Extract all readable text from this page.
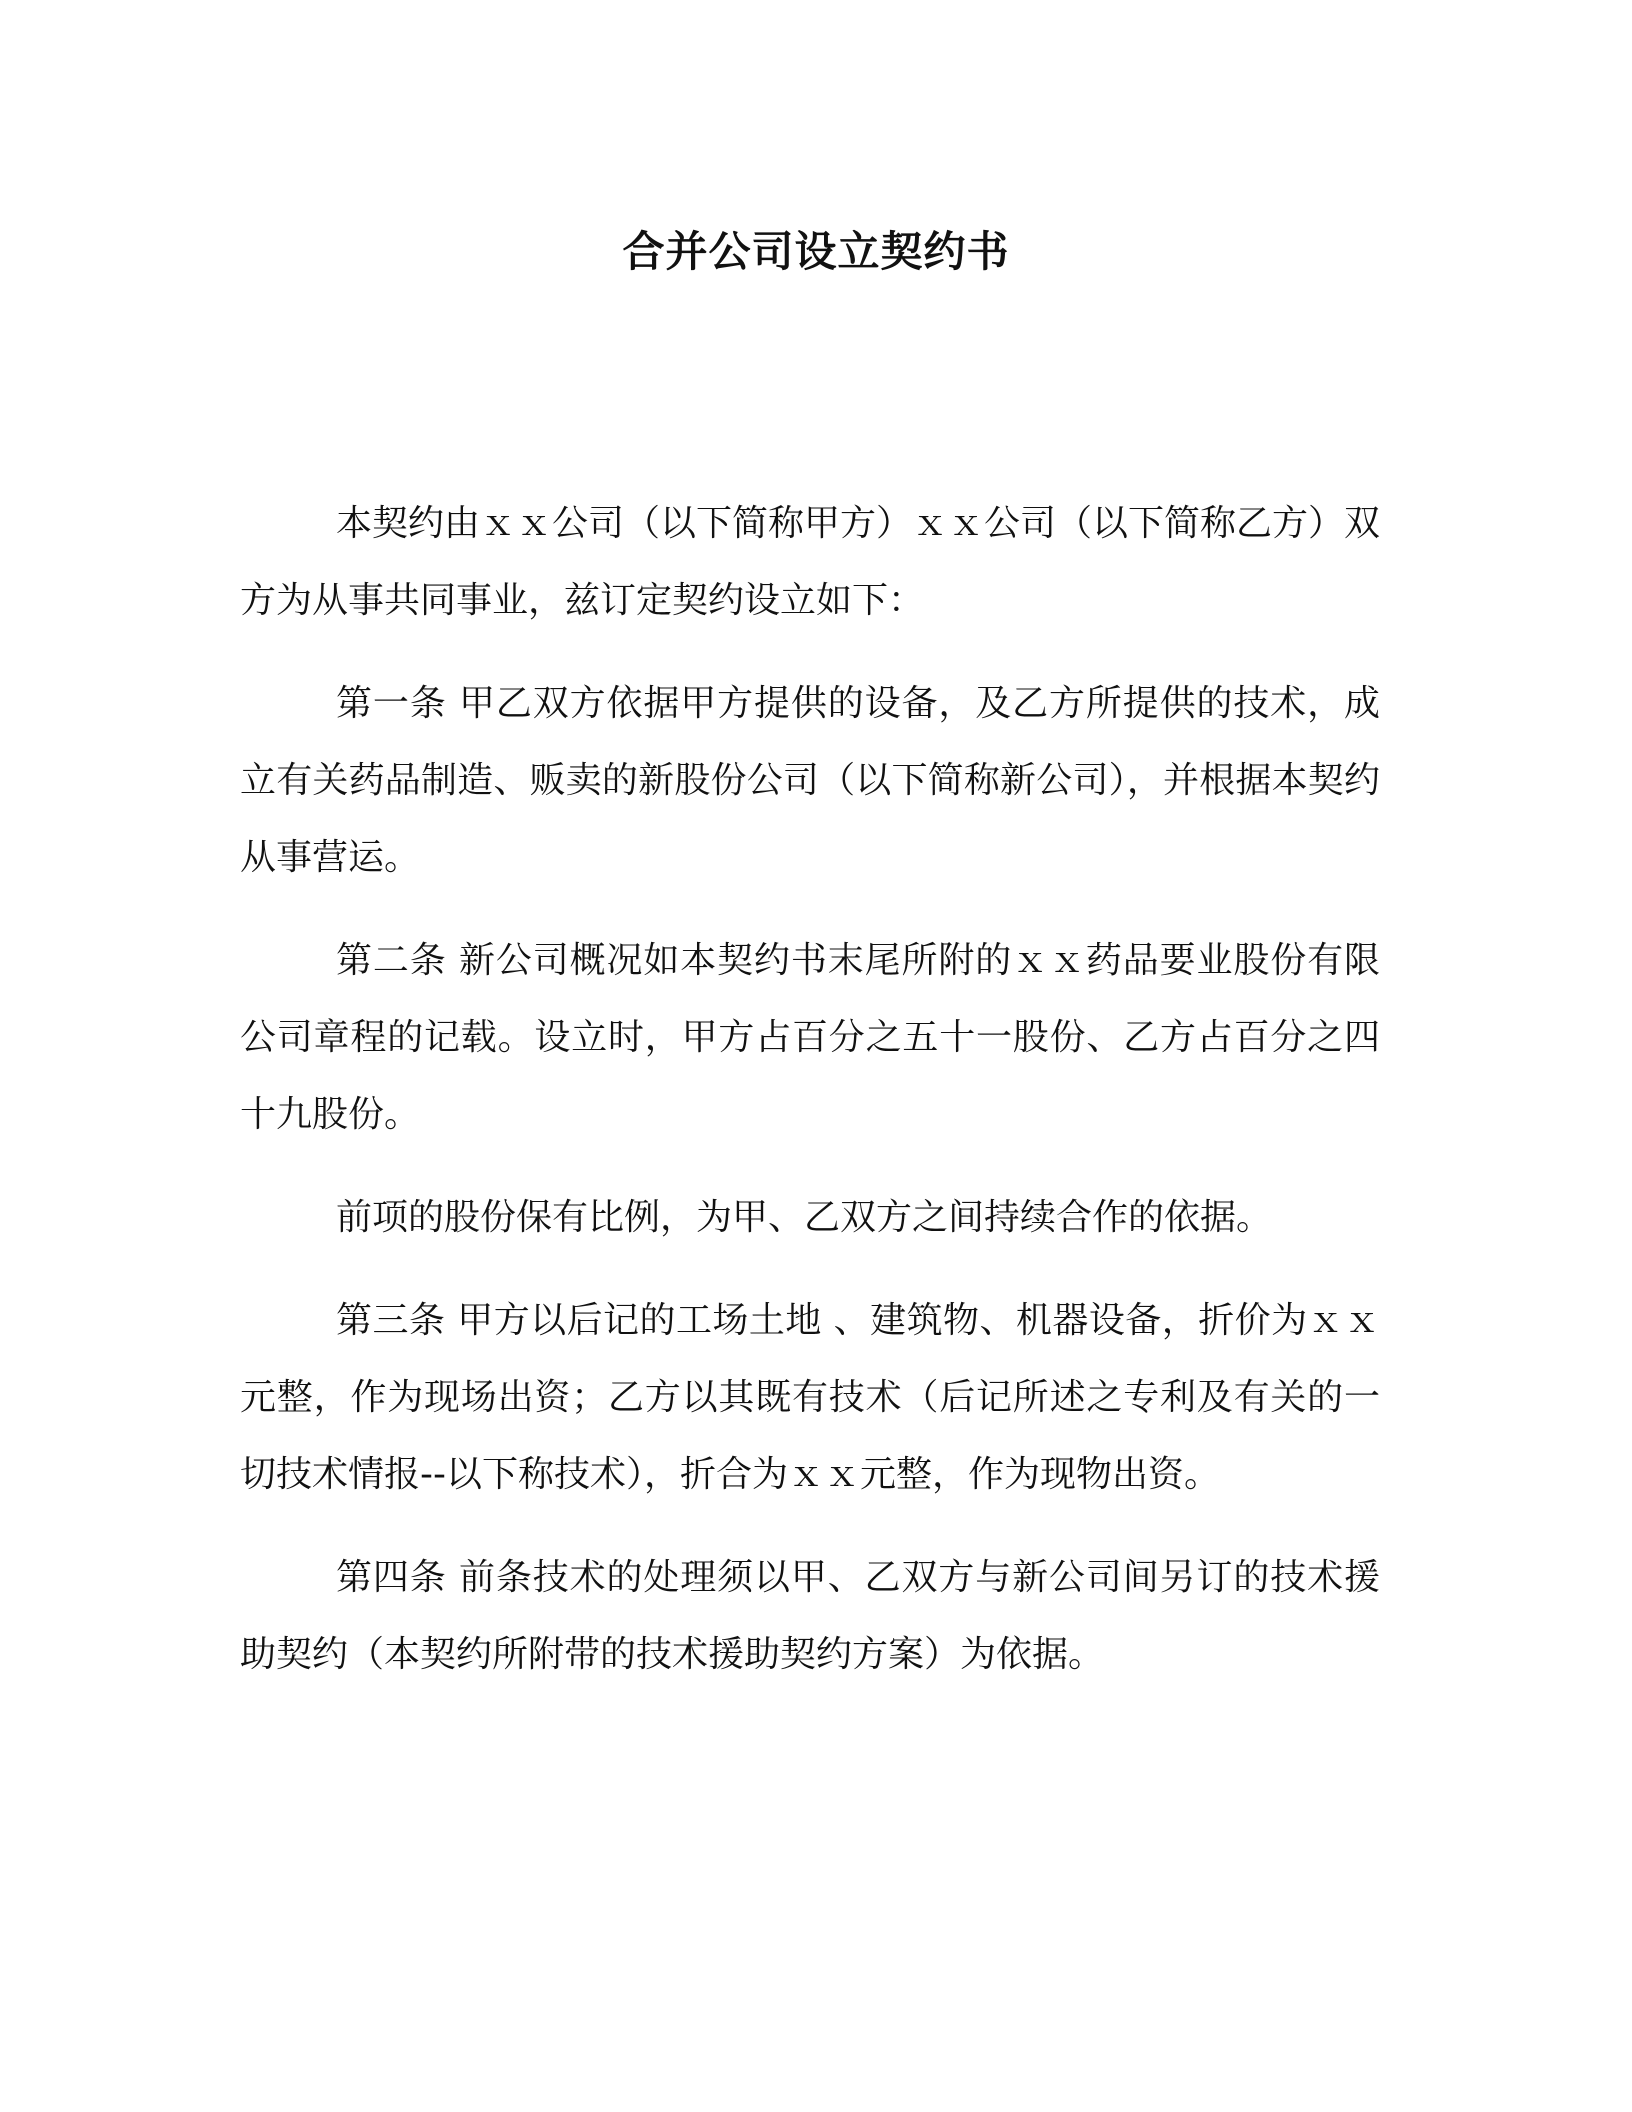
合并公司设立契约书

本契约由ｘｘ公司（以下简称甲方）ｘｘ公司（以下简称乙方）双方为从事共同事业，兹订定契约设立如下：

第一条 甲乙双方依据甲方提供的设备，及乙方所提供的技术，成立有关药品制造、贩卖的新股份公司（以下简称新公司），并根据本契约从事营运。

第二条 新公司概况如本契约书末尾所附的ｘｘ药品要业股份有限公司章程的记载。设立时，甲方占百分之五十一股份、乙方占百分之四十九股份。

前项的股份保有比例，为甲、乙双方之间持续合作的依据。

第三条 甲方以后记的工场土地 、建筑物、机器设备，折价为ｘｘ元整，作为现场出资；乙方以其既有技术（后记所述之专利及有关的一切技术情报--以下称技术），折合为ｘｘ元整，作为现物出资。

第四条 前条技术的处理须以甲、乙双方与新公司间另订的技术援助契约（本契约所附带的技术援助契约方案）为依据。
